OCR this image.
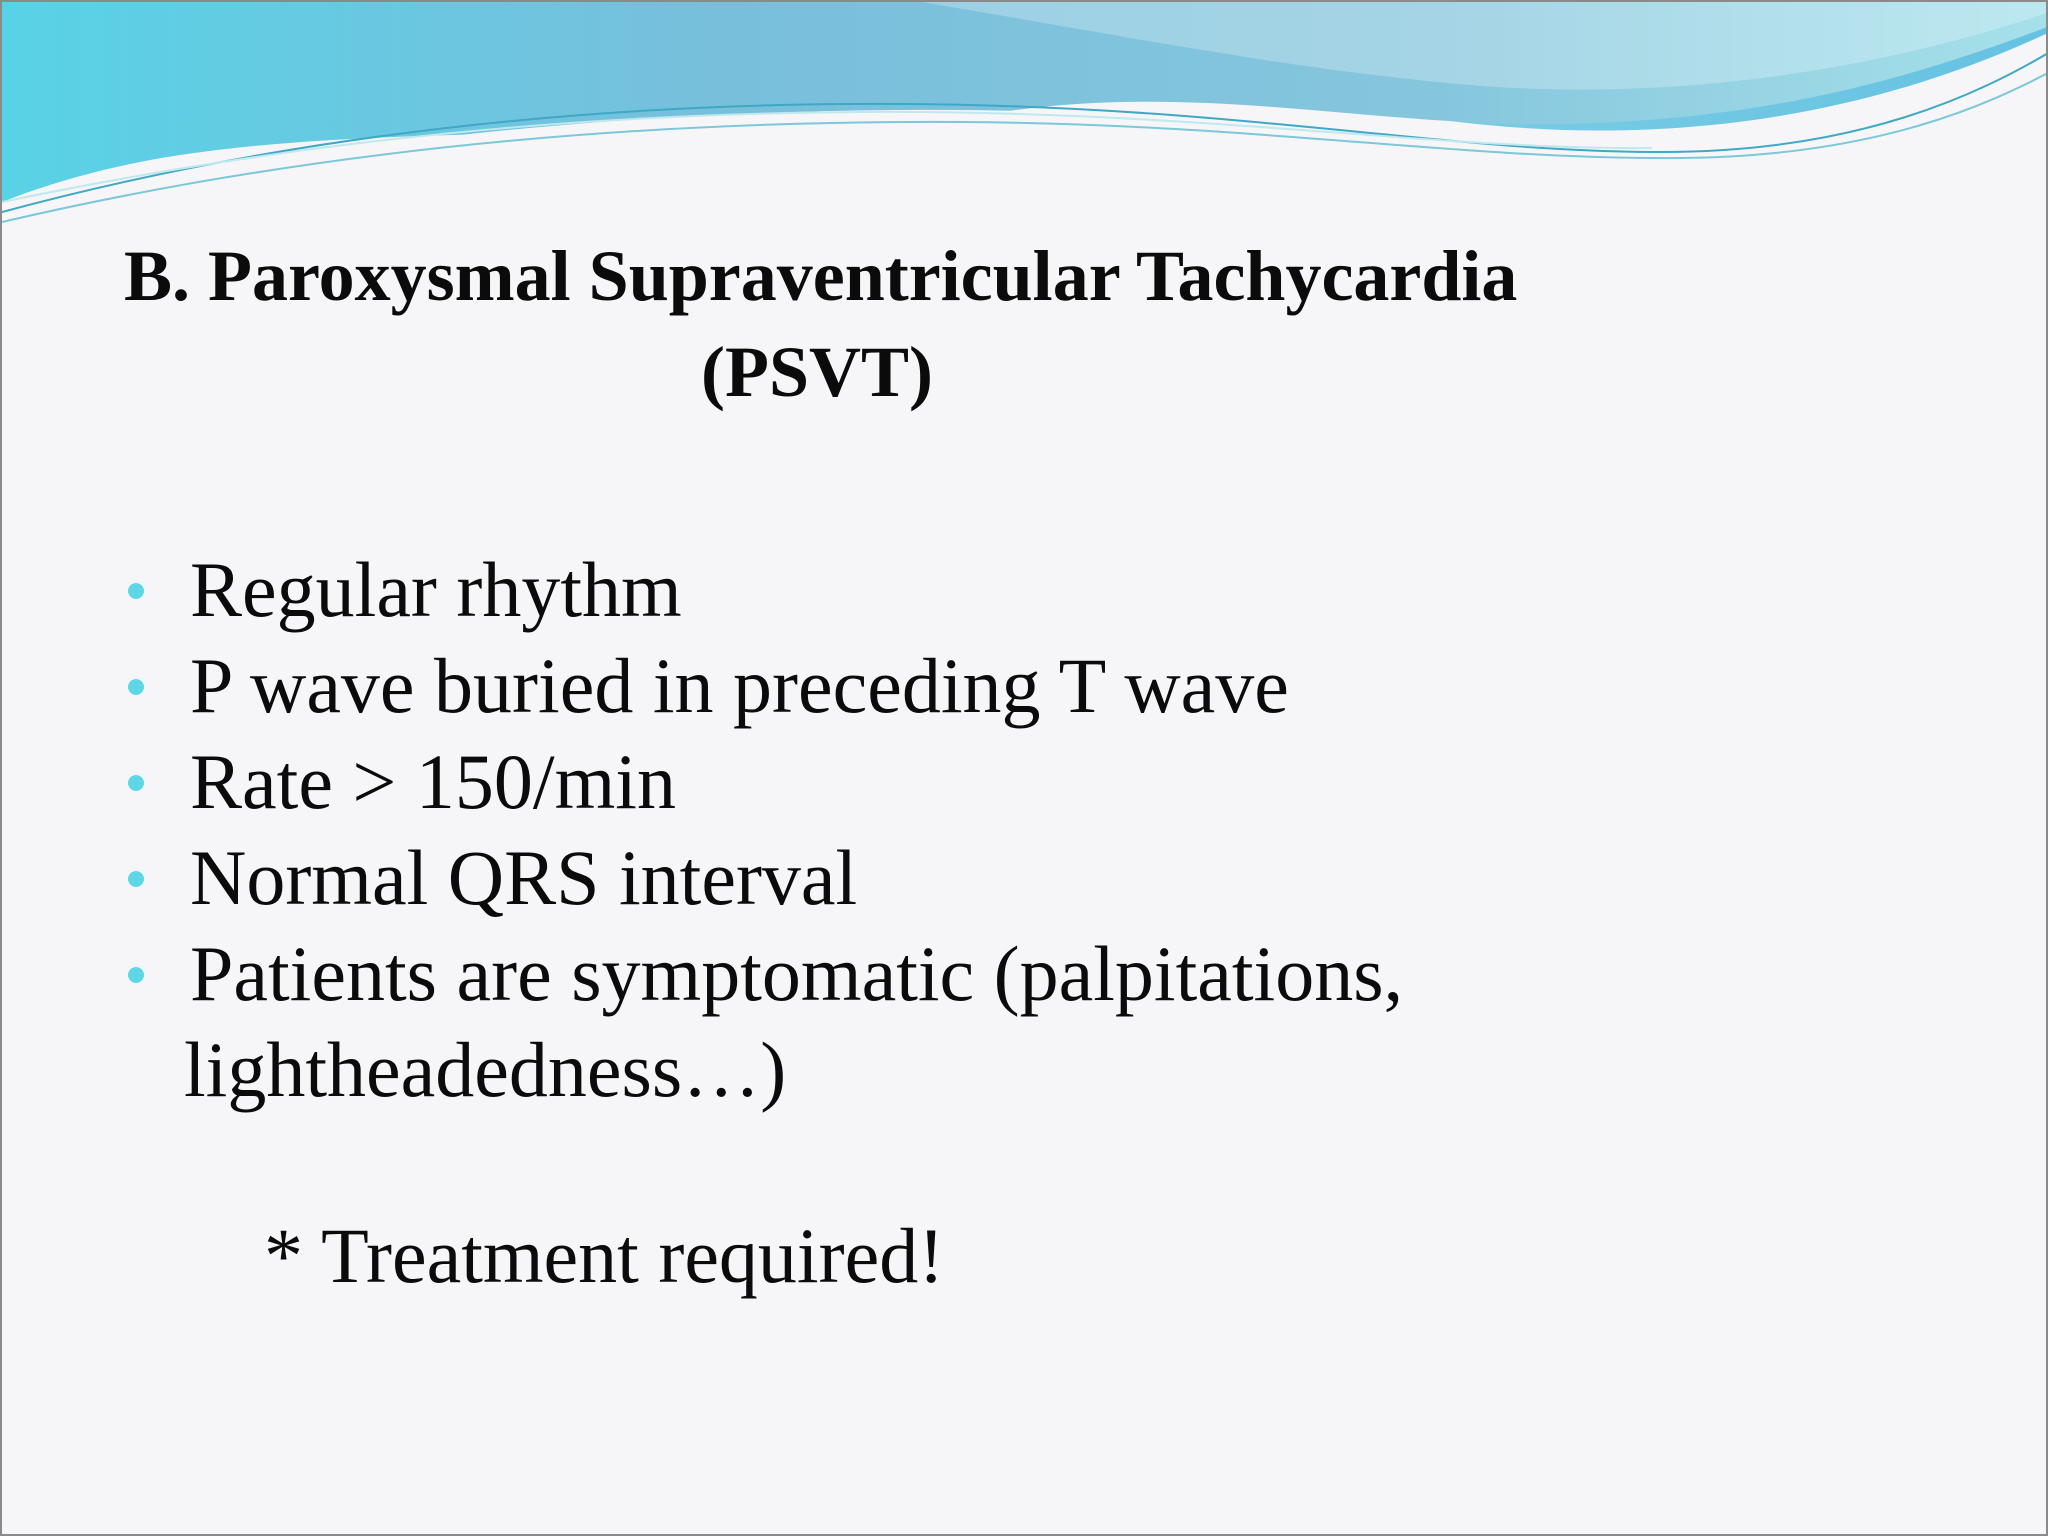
B. Paroxysmal Supraventricular Tachycardia
(PSVT)
Regular rhythm
P wave buried in preceding T wave
Rate > 150/min
Normal QRS interval
Patients are symptomatic (palpitations, lightheadedness…)

* Treatment required!
